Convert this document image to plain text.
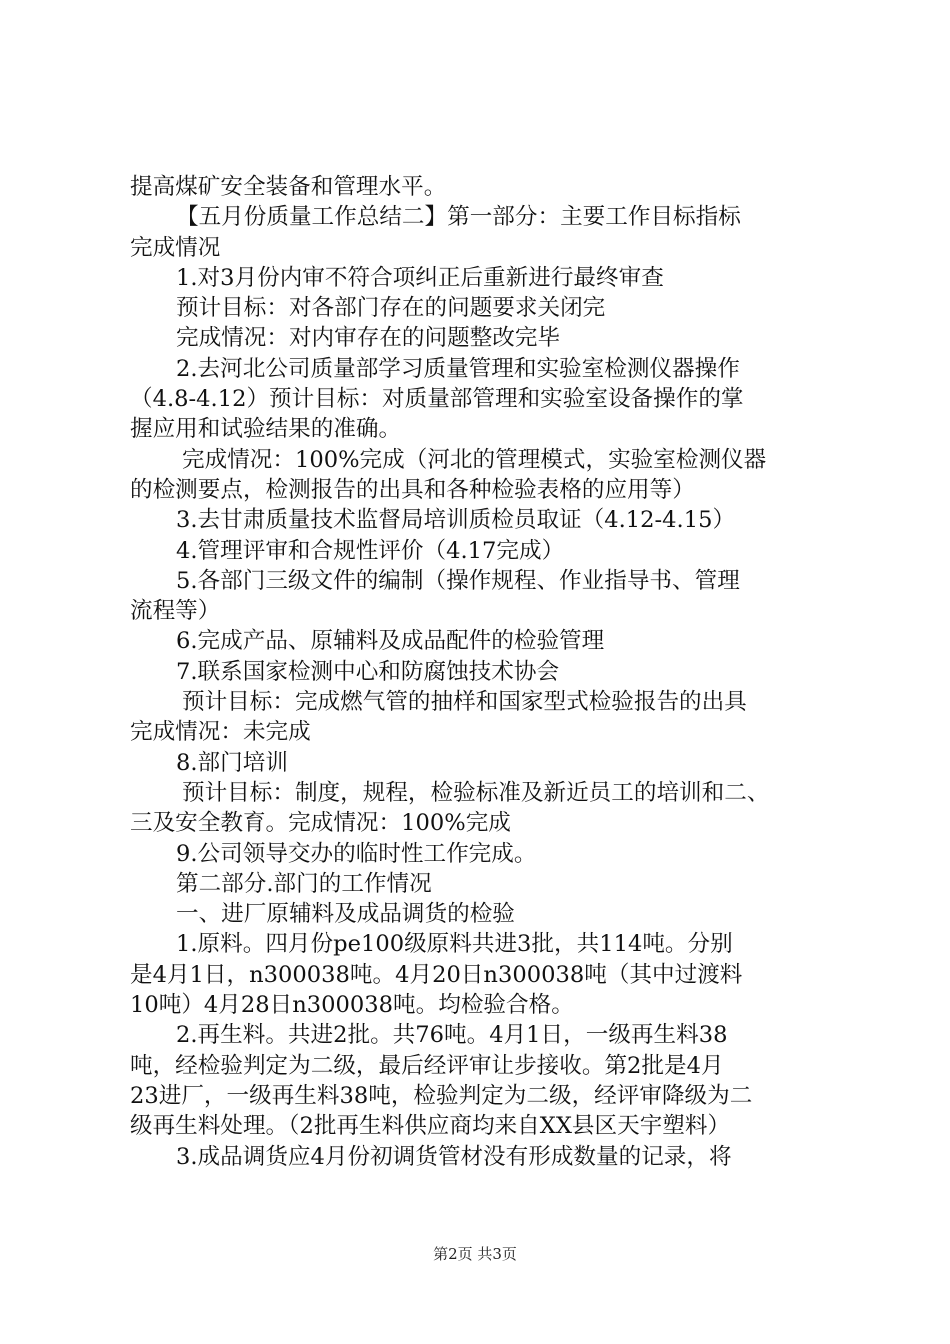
提高煤矿安全装备和管理水平。
【五月份质量工作总结二】第一部分：主要工作目标指标
完成情况
1.对3月份内审不符合项纠正后重新进行最终审查
预计目标：对各部门存在的问题要求关闭完
完成情况：对内审存在的问题整改完毕
2.去河北公司质量部学习质量管理和实验室检测仪器操作
（4.8-4.12）预计目标：对质量部管理和实验室设备操作的掌
握应用和试验结果的准确。
完成情况：100%完成（河北的管理模式，实验室检测仪器
的检测要点，检测报告的出具和各种检验表格的应用等）
3.去甘肃质量技术监督局培训质检员取证（4.12-4.15）
4.管理评审和合规性评价（4.17完成）
5.各部门三级文件的编制（操作规程、作业指导书、管理
流程等）
6.完成产品、原辅料及成品配件的检验管理
7.联系国家检测中心和防腐蚀技术协会
预计目标：完成燃气管的抽样和国家型式检验报告的出具
完成情况：未完成
8.部门培训
预计目标：制度，规程，检验标准及新近员工的培训和二、
三及安全教育。完成情况：100%完成
9.公司领导交办的临时性工作完成。
第二部分.部门的工作情况
一、进厂原辅料及成品调货的检验
1.原料。四月份pe100级原料共进3批，共114吨。分别
是4月1日，n300038吨。4月20日n300038吨（其中过渡料
10吨）4月28日n300038吨。均检验合格。
2.再生料。共进2批。共76吨。4月1日，一级再生料38
吨，经检验判定为二级，最后经评审让步接收。第2批是4月
23进厂，一级再生料38吨，检验判定为二级，经评审降级为二
级再生料处理。（2批再生料供应商均来自XX县区天宇塑料）
3.成品调货应4月份初调货管材没有形成数量的记录，将
第2页 共3页
